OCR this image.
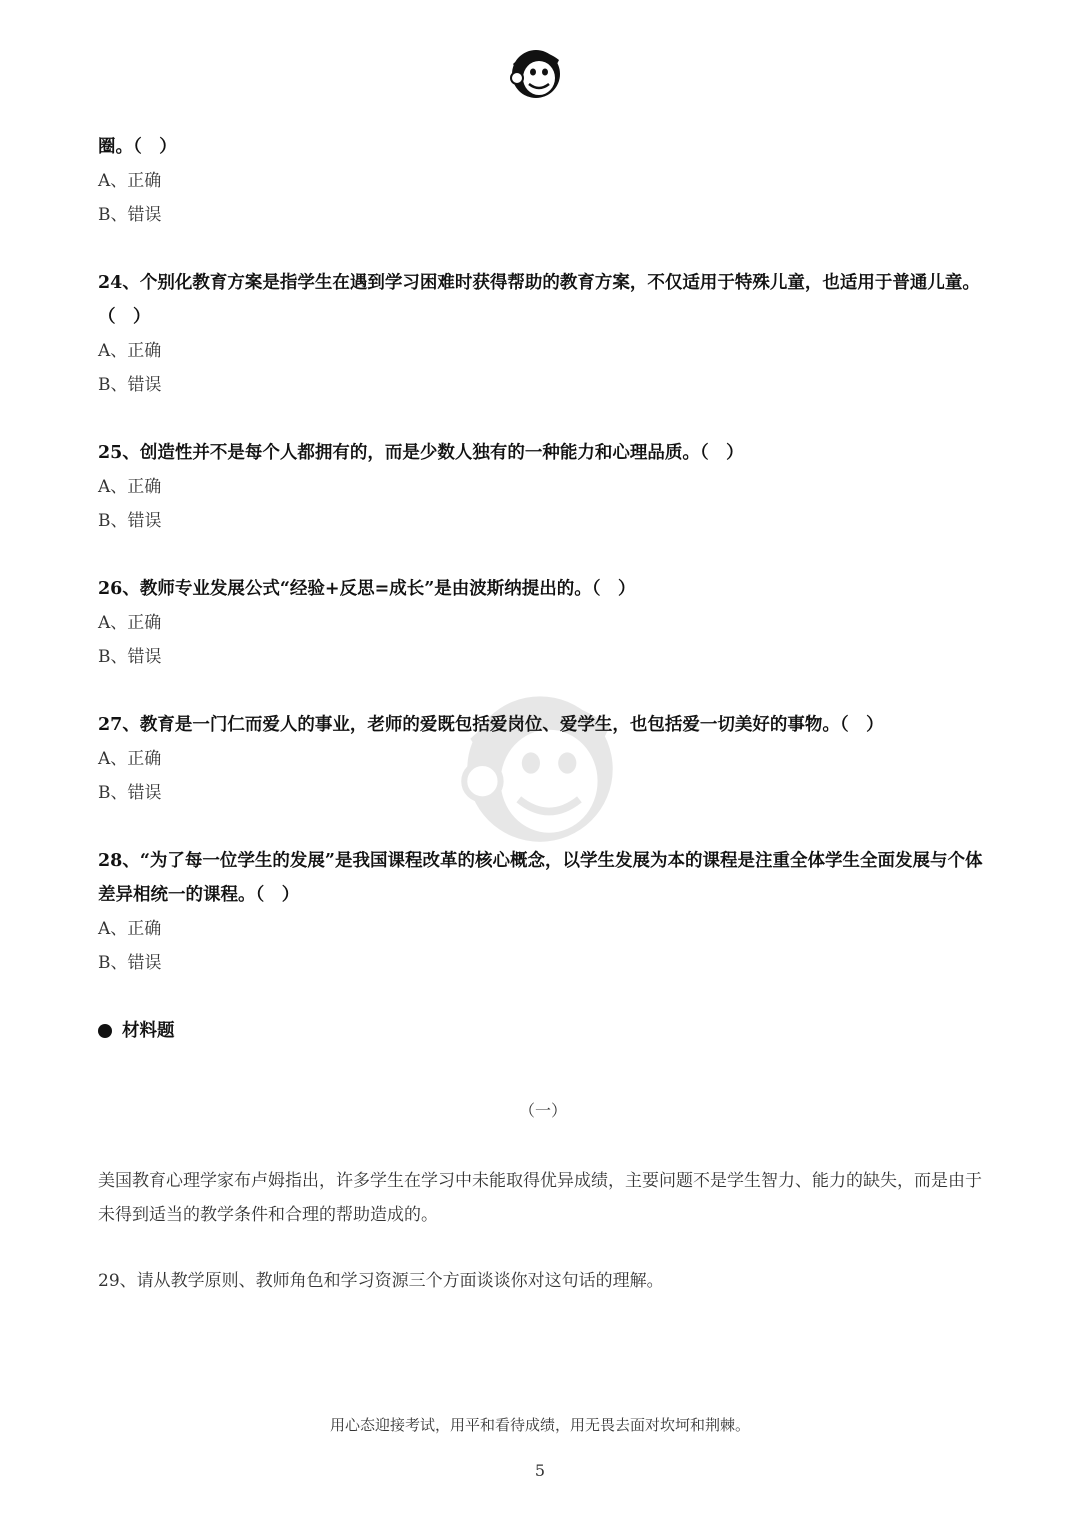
圈。（　）
A、正确
B、错误
24、个别化教育方案是指学生在遇到学习困难时获得帮助的教育方案，不仅适用于特殊儿童，也适用于普通儿童。（　）
A、正确
B、错误
25、创造性并不是每个人都拥有的，而是少数人独有的一种能力和心理品质。（　）
A、正确
B、错误
26、教师专业发展公式“经验+反思=成长”是由波斯纳提出的。（　）
A、正确
B、错误
27、教育是一门仁而爱人的事业，老师的爱既包括爱岗位、爱学生，也包括爱一切美好的事物。（　）
A、正确
B、错误
28、“为了每一位学生的发展”是我国课程改革的核心概念，以学生发展为本的课程是注重全体学生全面发展与个体差异相统一的课程。（　）
A、正确
B、错误
材料题
（一）
美国教育心理学家布卢姆指出，许多学生在学习中未能取得优异成绩，主要问题不是学生智力、能力的缺失，而是由于未得到适当的教学条件和合理的帮助造成的。
29、请从教学原则、教师角色和学习资源三个方面谈谈你对这句话的理解。
用心态迎接考试，用平和看待成绩，用无畏去面对坎坷和荆棘。
5
